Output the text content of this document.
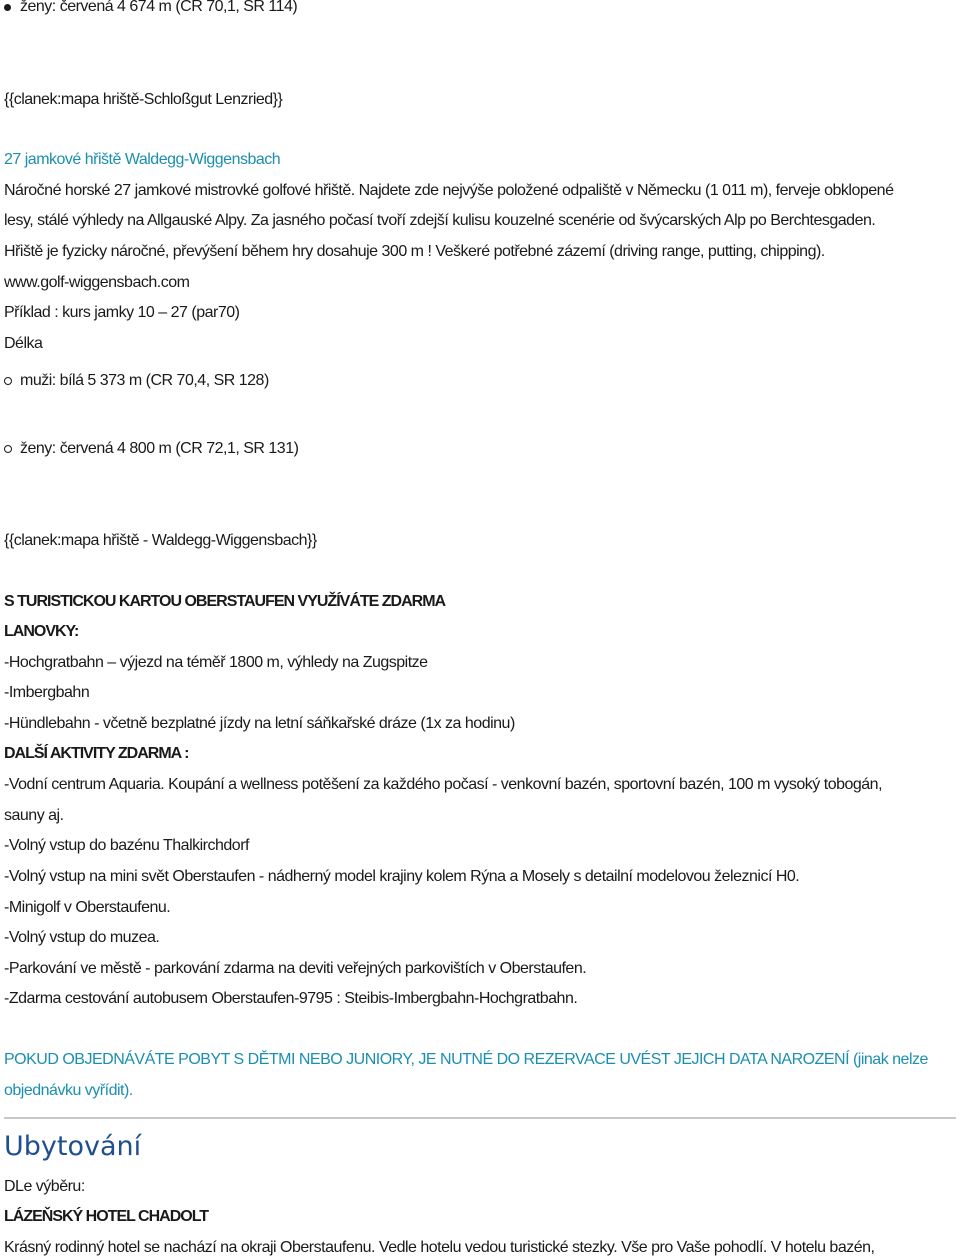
ženy: červená 4 674 m (CR 70,1, SR 114)
{{clanek:mapa hriště-Schloßgut Lenzried}}
27 jamkové hřiště Waldegg-Wiggensbach
Náročné horské 27 jamkové mistrovké golfové hřiště. Najdete zde nejvýše položené odpaliště v Německu (1 011 m), ferveje obklopené
lesy, stálé výhledy na Allgauské Alpy. Za jasného počasí tvoří zdejší kulisu kouzelné scenérie od švýcarských Alp po Berchtesgaden.
Hřiště je fyzicky náročné, převýšení během hry dosahuje 300 m ! Veškeré potřebné zázemí (driving range, putting, chipping).
www.golf-wiggensbach.com
Příklad : kurs jamky 10 – 27 (par70)
Délka
muži: bílá 5 373 m (CR 70,4, SR 128)
ženy: červená 4 800 m (CR 72,1, SR 131)
{{clanek:mapa hřiště - Waldegg-Wiggensbach}}
S TURISTICKOU KARTOU OBERSTAUFEN VYUŽÍVÁTE ZDARMA
LANOVKY:
-Hochgratbahn – výjezd na téměř 1800 m, výhledy na Zugspitze
-Imbergbahn
-Hündlebahn - včetně bezplatné jízdy na letní sáňkařské dráze (1x za hodinu)
DALŠÍ AKTIVITY ZDARMA :
-Vodní centrum Aquaria. Koupání a wellness potěšení za každého počasí - venkovní bazén, sportovní bazén, 100 m vysoký tobogán,
sauny aj.
-Volný vstup do bazénu Thalkirchdorf
-Volný vstup na mini svět Oberstaufen - nádherný model krajiny kolem Rýna a Mosely s detailní modelovou železnicí H0.
-Minigolf v Oberstaufenu.
-Volný vstup do muzea.
-Parkování ve městě - parkování zdarma na deviti veřejných parkovištích v Oberstaufen.
-Zdarma cestování autobusem Oberstaufen-9795 : Steibis-Imbergbahn-Hochgratbahn.
POKUD OBJEDNÁVÁTE POBYT S DĚTMI NEBO JUNIORY, JE NUTNÉ DO REZERVACE UVÉST JEJICH DATA NAROZENÍ (jinak nelze
objednávku vyřídit).
Ubytování
DLe výběru:
LÁZEŇSKÝ HOTEL CHADOLT
Krásný rodinný hotel se nachází na okraji Oberstaufenu. Vedle hotelu vedou turistické stezky. Vše pro Vaše pohodlí. V hotelu bazén,
